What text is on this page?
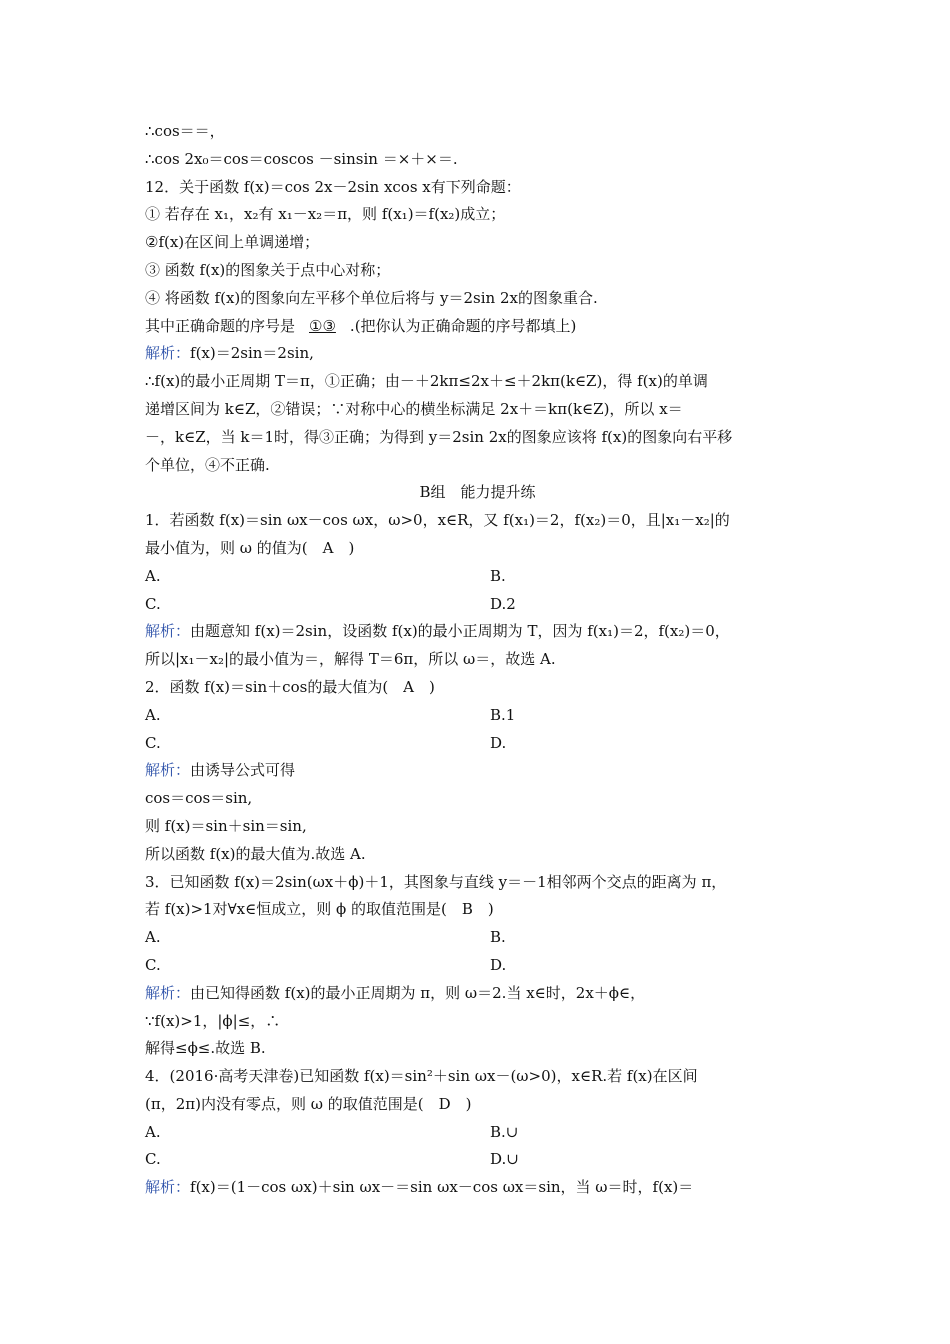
∴cos＝＝，
∴cos 2x₀＝cos＝coscos －sinsin ＝×＋×＝.
12．关于函数 f(x)＝cos 2x－2sin xcos x有下列命题：
① 若存在 x₁，x₂有 x₁－x₂＝π，则 f(x₁)＝f(x₂)成立；
②f(x)在区间上单调递增；
③ 函数 f(x)的图象关于点中心对称；
④ 将函数 f(x)的图象向左平移个单位后将与 y＝2sin 2x的图象重合.
其中正确命题的序号是 ①③ .(把你认为正确命题的序号都填上)
解析：f(x)＝2sin＝2sin,
∴f(x)的最小正周期 T＝π，①正确；由－＋2kπ≤2x＋≤＋2kπ(k∈Z)，得 f(x)的单调
递增区间为 k∈Z，②错误；∵对称中心的横坐标满足 2x＋＝kπ(k∈Z)，所以 x＝
－，k∈Z，当 k＝1时，得③正确；为得到 y＝2sin 2x的图象应该将 f(x)的图象向右平移
个单位，④不正确.
B组　能力提升练
1．若函数 f(x)＝sin ωx－cos ωx，ω>0，x∈R，又 f(x₁)＝2，f(x₂)＝0，且|x₁－x₂|的
最小值为，则 ω 的值为(　A　)
A.	B.
C.	D.2
解析：由题意知 f(x)＝2sin，设函数 f(x)的最小正周期为 T，因为 f(x₁)＝2，f(x₂)＝0，
所以|x₁－x₂|的最小值为＝，解得 T＝6π，所以 ω＝，故选 A.
2．函数 f(x)＝sin＋cos的最大值为(　A　)
A.	B.1
C.	D.
解析：由诱导公式可得
cos＝cos＝sin,
则 f(x)＝sin＋sin＝sin,
所以函数 f(x)的最大值为.故选 A.
3．已知函数 f(x)＝2sin(ωx＋ϕ)＋1，其图象与直线 y＝－1相邻两个交点的距离为 π，
若 f(x)>1对∀x∈恒成立，则 ϕ 的取值范围是(　B　)
A.	B.
C.	D.
解析：由已知得函数 f(x)的最小正周期为 π，则 ω＝2.当 x∈时，2x＋ϕ∈，
∵f(x)>1，|ϕ|≤，∴
解得≤ϕ≤.故选 B.
4．(2016·高考天津卷)已知函数 f(x)＝sin²＋sin ωx－(ω>0)，x∈R.若 f(x)在区间
(π，2π)内没有零点，则 ω 的取值范围是(　D　)
A.	B.∪
C.	D.∪
解析：f(x)＝(1－cos ωx)＋sin ωx－＝sin ωx－cos ωx＝sin，当 ω＝时，f(x)＝
